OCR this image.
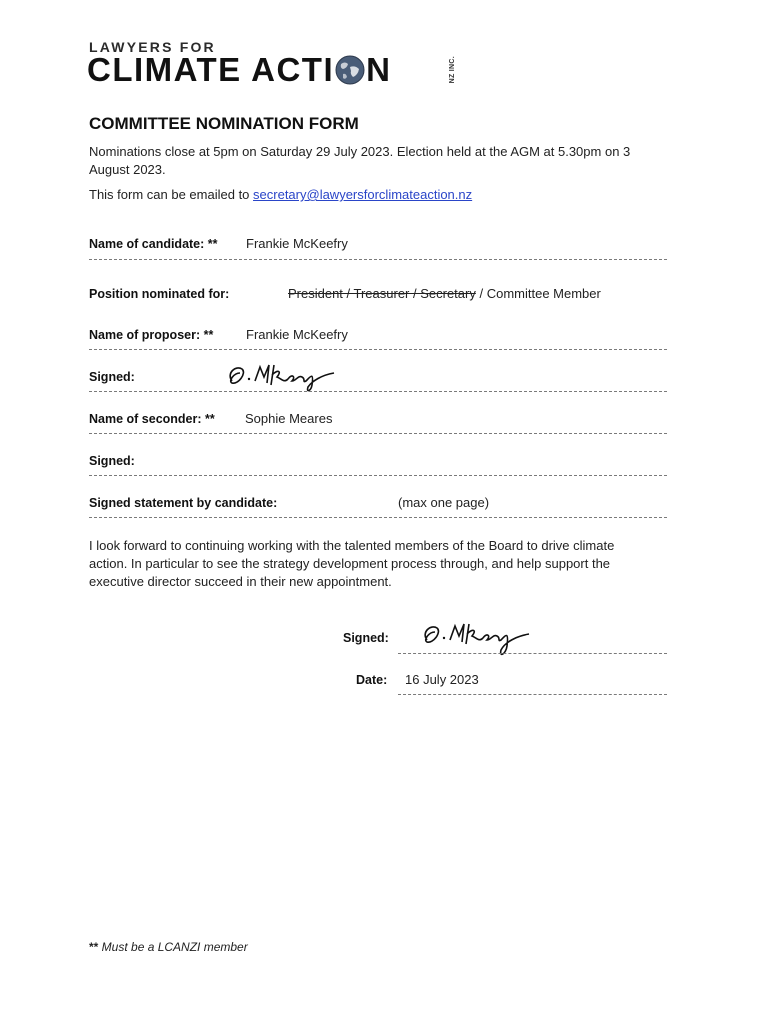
LAWYERS FOR
CLIMATE ACTI N	NZ INC.
COMMITTEE NOMINATION FORM
Nominations close at 5pm on Saturday 29 July 2023. Election held at the AGM at 5.30pm on 3 August 2023.
This form can be emailed to secretary@lawyersforclimateaction.nz
Name of candidate: ** Frankie McKeefry
Position nominated for:	President / Treasurer / Secretary / Committee Member
Name of proposer: **	Frankie McKeefry
Signed:
Name of seconder: ** Sophie Meares
Signed:
Signed statement by candidate:	(max one page)
I look forward to continuing working with the talented members of the Board to drive climate action. In particular to see the strategy development process through, and help support the executive director succeed in their new appointment.
Signed:
Date: 16 July 2023
** Must be a LCANZI member
